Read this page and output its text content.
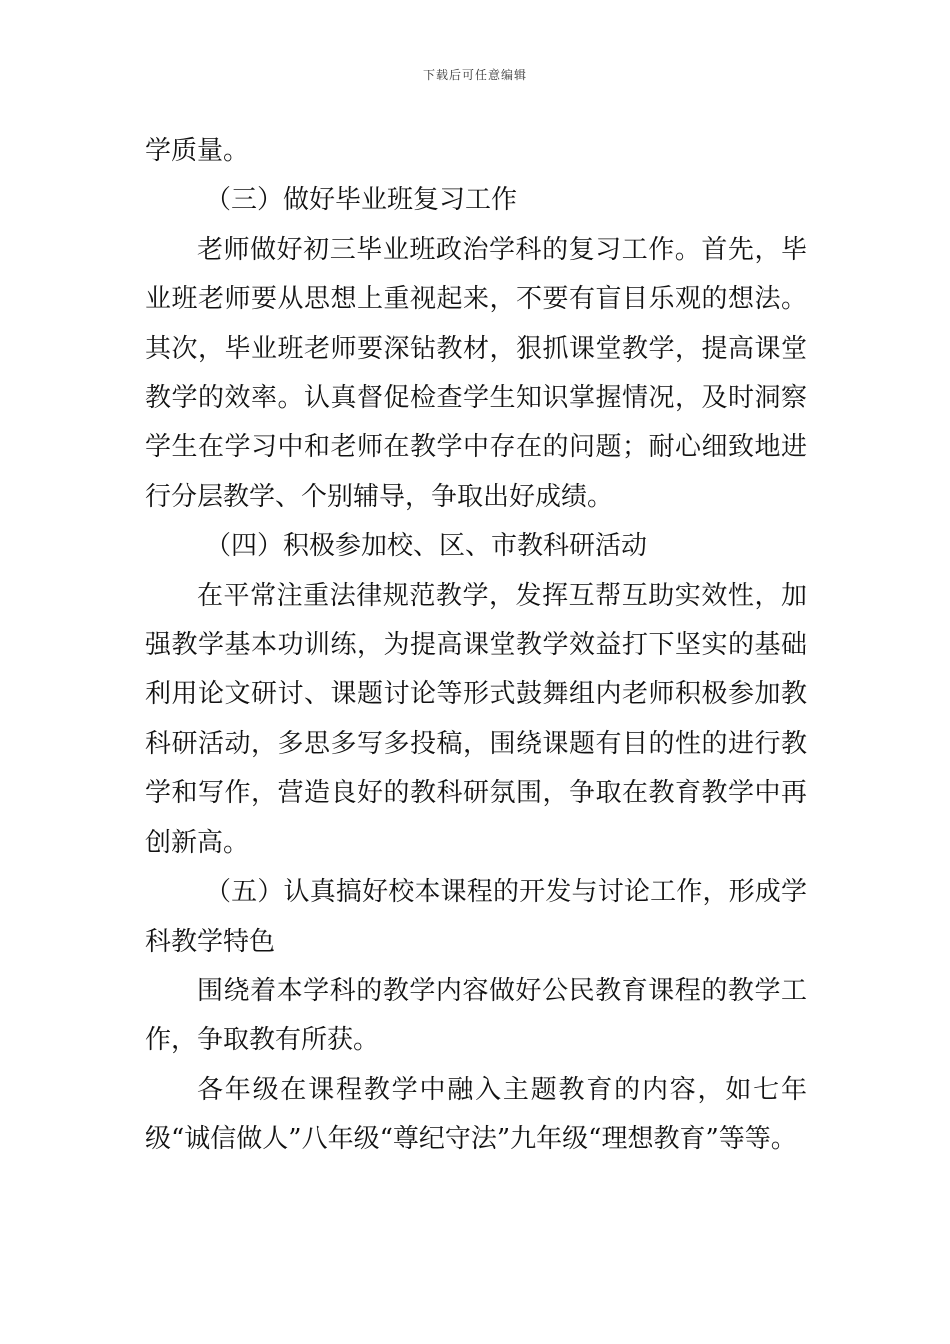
下载后可任意编辑

学质量。

（三）做好毕业班复习工作

老师做好初三毕业班政治学科的复习工作。首先，毕业班老师要从思想上重视起来，不要有盲目乐观的想法。其次，毕业班老师要深钻教材，狠抓课堂教学，提高课堂教学的效率。认真督促检查学生知识掌握情况，及时洞察学生在学习中和老师在教学中存在的问题；耐心细致地进行分层教学、个别辅导，争取出好成绩。

（四）积极参加校、区、市教科研活动

在平常注重法律规范教学，发挥互帮互助实效性，加强教学基本功训练，为提高课堂教学效益打下坚实的基础利用论文研讨、课题讨论等形式鼓舞组内老师积极参加教科研活动，多思多写多投稿，围绕课题有目的性的进行教学和写作，营造良好的教科研氛围，争取在教育教学中再创新高。

（五）认真搞好校本课程的开发与讨论工作，形成学科教学特色

围绕着本学科的教学内容做好公民教育课程的教学工作，争取教有所获。

各年级在课程教学中融入主题教育的内容，如七年级“诚信做人”八年级“尊纪守法”九年级“理想教育”等等。
